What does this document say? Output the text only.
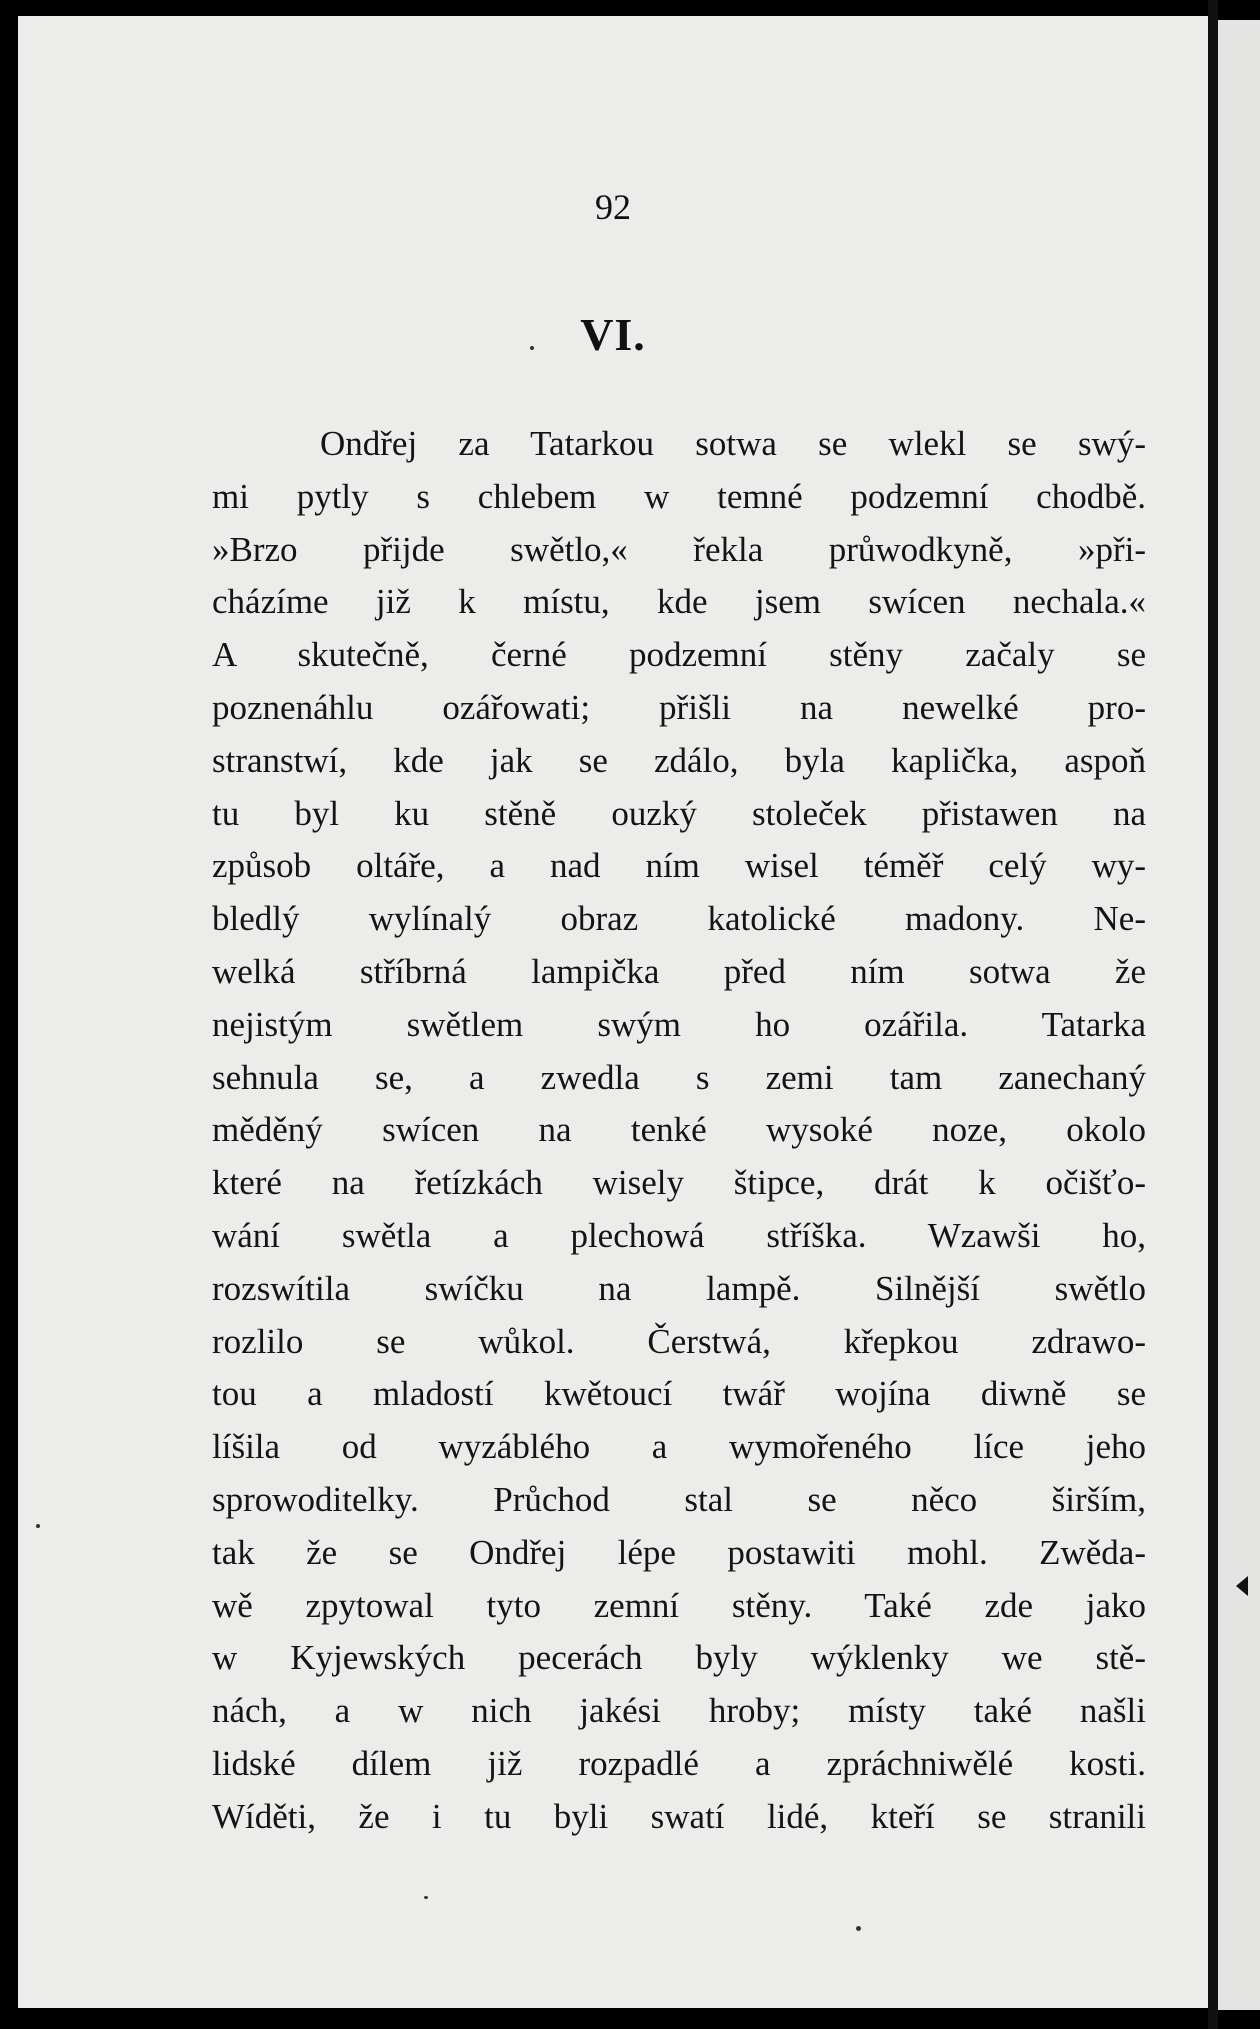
92
VI.
Ondřej za Tatarkou sotwa se wlekl se swý-
mi pytly s chlebem w temné podzemní chodbě.
»Brzo přijde swětlo,« řekla průwodkyně, »při-
cházíme již k místu, kde jsem swícen nechala.«
A skutečně, černé podzemní stěny začaly se
poznenáhlu ozářowati; přišli na newelké pro-
stranstwí, kde jak se zdálo, byla kaplička, aspoň
tu byl ku stěně ouzký stoleček přistawen na
způsob oltáře, a nad ním wisel téměř celý wy-
bledlý wylínalý obraz katolické madony. Ne-
welká stříbrná lampička před ním sotwa že
nejistým swětlem swým ho ozářila. Tatarka
sehnula se, a zwedla s zemi tam zanechaný
měděný swícen na tenké wysoké noze, okolo
které na řetízkách wisely štipce, drát k očišťo-
wání swětla a plechowá stříška. Wzawši ho,
rozswítila swíčku na lampě. Silnější swětlo
rozlilo se wůkol. Čerstwá, křepkou zdrawo-
tou a mladostí kwětoucí twář wojína diwně se
líšila od wyzáblého a wymořeného líce jeho
sprowoditelky. Průchod stal se něco širším,
tak že se Ondřej lépe postawiti mohl. Zwěda-
wě zpytowal tyto zemní stěny. Také zde jako
w Kyjewských pecerách byly wýklenky we stě-
nách, a w nich jakési hroby; místy také našli
lidské dílem již rozpadlé a zpráchniwělé kosti.
Wíděti, že i tu byli swatí lidé, kteří se stranili
